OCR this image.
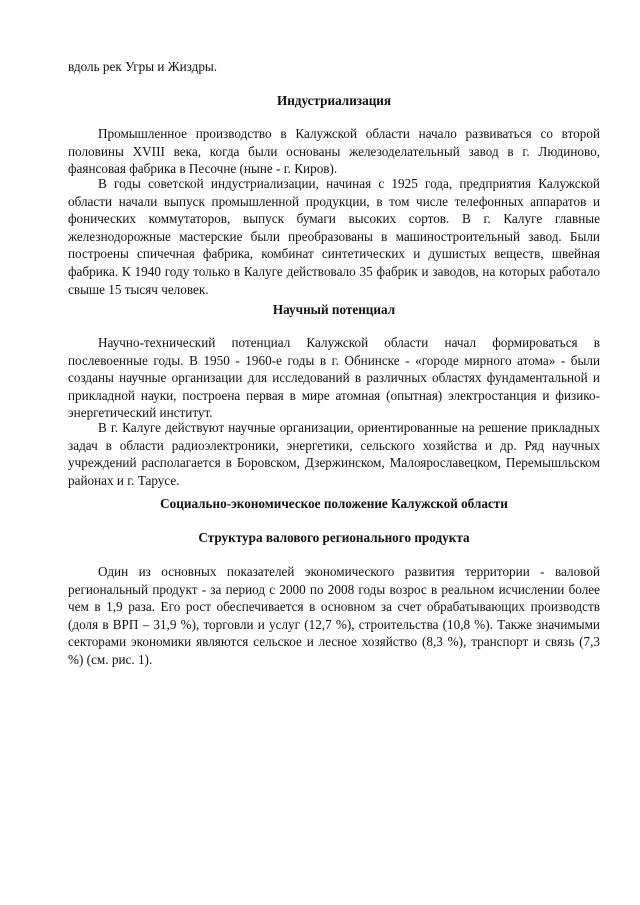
вдоль рек Угры и Жиздры.
Индустриализация
Промышленное производство в Калужской области начало развиваться со второй половины XVIII века, когда были основаны железоделательный завод в г. Людиново, фаянсовая фабрика в Песочне (ныне - г. Киров).
В годы советской индустриализации, начиная с 1925 года, предприятия Калужской области начали выпуск промышленной продукции, в том числе телефонных аппаратов и фонических коммутаторов, выпуск бумаги высоких сортов. В г. Калуге главные железнодорожные мастерские были преобразованы в машиностроительный завод. Были построены спичечная фабрика, комбинат синтетических и душистых веществ, швейная фабрика. К 1940 году только в Калуге действовало 35 фабрик и заводов, на которых работало свыше 15 тысяч человек.
Научный потенциал
Научно-технический потенциал Калужской области начал формироваться в послевоенные годы. В 1950 - 1960-е годы в г. Обнинске - «городе мирного атома» - были созданы научные организации для исследований в различных областях фундаментальной и прикладной науки, построена первая в мире атомная (опытная) электростанция и физико-энергетический институт.
В г. Калуге действуют научные организации, ориентированные на решение прикладных задач в области радиоэлектроники, энергетики, сельского хозяйства и др. Ряд научных учреждений располагается в Боровском, Дзержинском, Малоярославецком, Перемышльском районах и г. Тарусе.
Социально-экономическое положение Калужской области
Структура валового регионального продукта
Один из основных показателей экономического развития территории - валовой региональный продукт - за период с 2000 по 2008 годы возрос в реальном исчислении более чем в 1,9 раза. Его рост обеспечивается в основном за счет обрабатывающих производств (доля в ВРП – 31,9 %), торговли и услуг (12,7 %), строительства (10,8 %). Также значимыми секторами экономики являются сельское и лесное хозяйство (8,3 %), транспорт и связь (7,3 %) (см. рис. 1).
